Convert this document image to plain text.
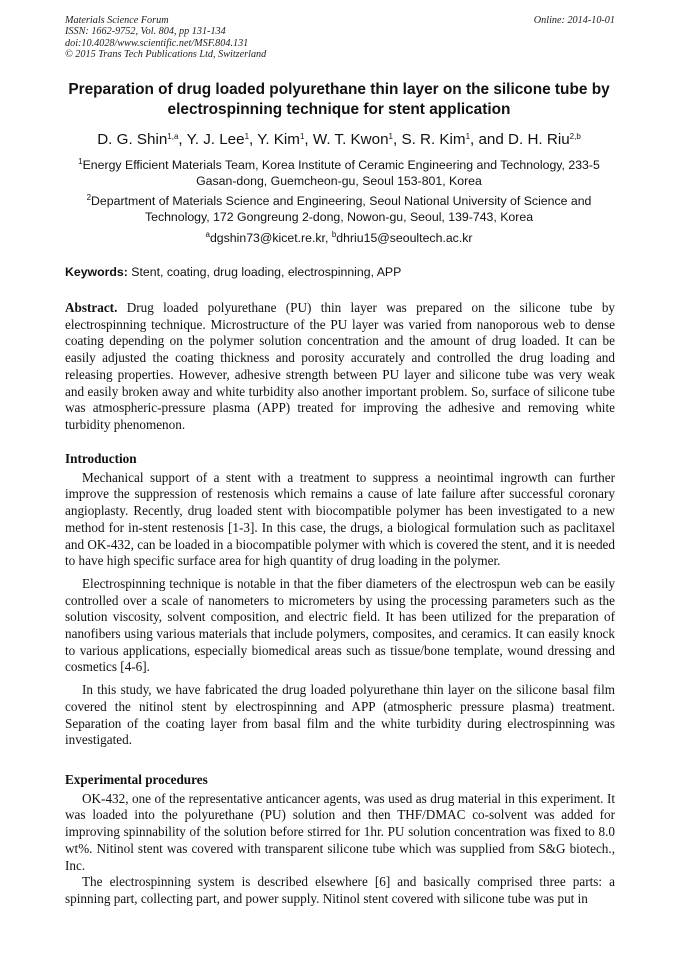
Materials Science Forum
ISSN: 1662-9752, Vol. 804, pp 131-134
doi:10.4028/www.scientific.net/MSF.804.131
© 2015 Trans Tech Publications Ltd, Switzerland
Online: 2014-10-01
Preparation of drug loaded polyurethane thin layer on the silicone tube by electrospinning technique for stent application
D. G. Shin$^{1,a}$, Y. J. Lee$^1$, Y. Kim$^1$, W. T. Kwon$^1$, S. R. Kim$^1$, and D. H. Riu$^{2,b}$
$^1$Energy Efficient Materials Team, Korea Institute of Ceramic Engineering and Technology, 233-5 Gasan-dong, Guemcheon-gu, Seoul 153-801, Korea
$^2$Department of Materials Science and Engineering, Seoul National University of Science and Technology, 172 Gongreung 2-dong, Nowon-gu, Seoul, 139-743, Korea
$^a$dgshin73@kicet.re.kr, $^b$dhriu15@seoultech.ac.kr
Keywords: Stent, coating, drug loading, electrospinning, APP

Abstract. Drug loaded polyurethane (PU) thin layer was prepared on the silicone tube by electrospinning technique. Microstructure of the PU layer was varied from nanoporous web to dense coating depending on the polymer solution concentration and the amount of drug loaded. It can be easily adjusted the coating thickness and porosity accurately and controlled the drug loading and releasing properties. However, adhesive strength between PU layer and silicone tube was very weak and easily broken away and white turbidity also another important problem. So, surface of silicone tube was atmospheric-pressure plasma (APP) treated for improving the adhesive and removing white turbidity phenomenon.

Introduction

Mechanical support of a stent with a treatment to suppress a neointimal ingrowth can further improve the suppression of restenosis which remains a cause of late failure after successful coronary angioplasty. Recently, drug loaded stent with biocompatible polymer has been investigated to a new method for in-stent restenosis [1-3]. In this case, the drugs, a biological formulation such as paclitaxel and OK-432, can be loaded in a biocompatible polymer with which is covered the stent, and it is needed to have high specific surface area for high quantity of drug loading in the polymer.

Electrospinning technique is notable in that the fiber diameters of the electrospun web can be easily controlled over a scale of nanometers to micrometers by using the processing parameters such as the solution viscosity, solvent composition, and electric field. It has been utilized for the preparation of nanofibers using various materials that include polymers, composites, and ceramics. It can easily knock to various applications, especially biomedical areas such as tissue/bone template, wound dressing and cosmetics [4-6].

In this study, we have fabricated the drug loaded polyurethane thin layer on the silicone basal film covered the nitinol stent by electrospinning and APP (atmospheric pressure plasma) treatment. Separation of the coating layer from basal film and the white turbidity during electrospinning was investigated.

Experimental procedures

OK-432, one of the representative anticancer agents, was used as drug material in this experiment. It was loaded into the polyurethane (PU) solution and then THF/DMAC co-solvent was added for improving spinnability of the solution before stirred for 1hr. PU solution concentration was fixed to 8.0 wt%. Nitinol stent was covered with transparent silicone tube which was supplied from S&G biotech., Inc.

The electrospinning system is described elsewhere [6] and basically comprised three parts: a spinning part, collecting part, and power supply. Nitinol stent covered with silicone tube was put in
